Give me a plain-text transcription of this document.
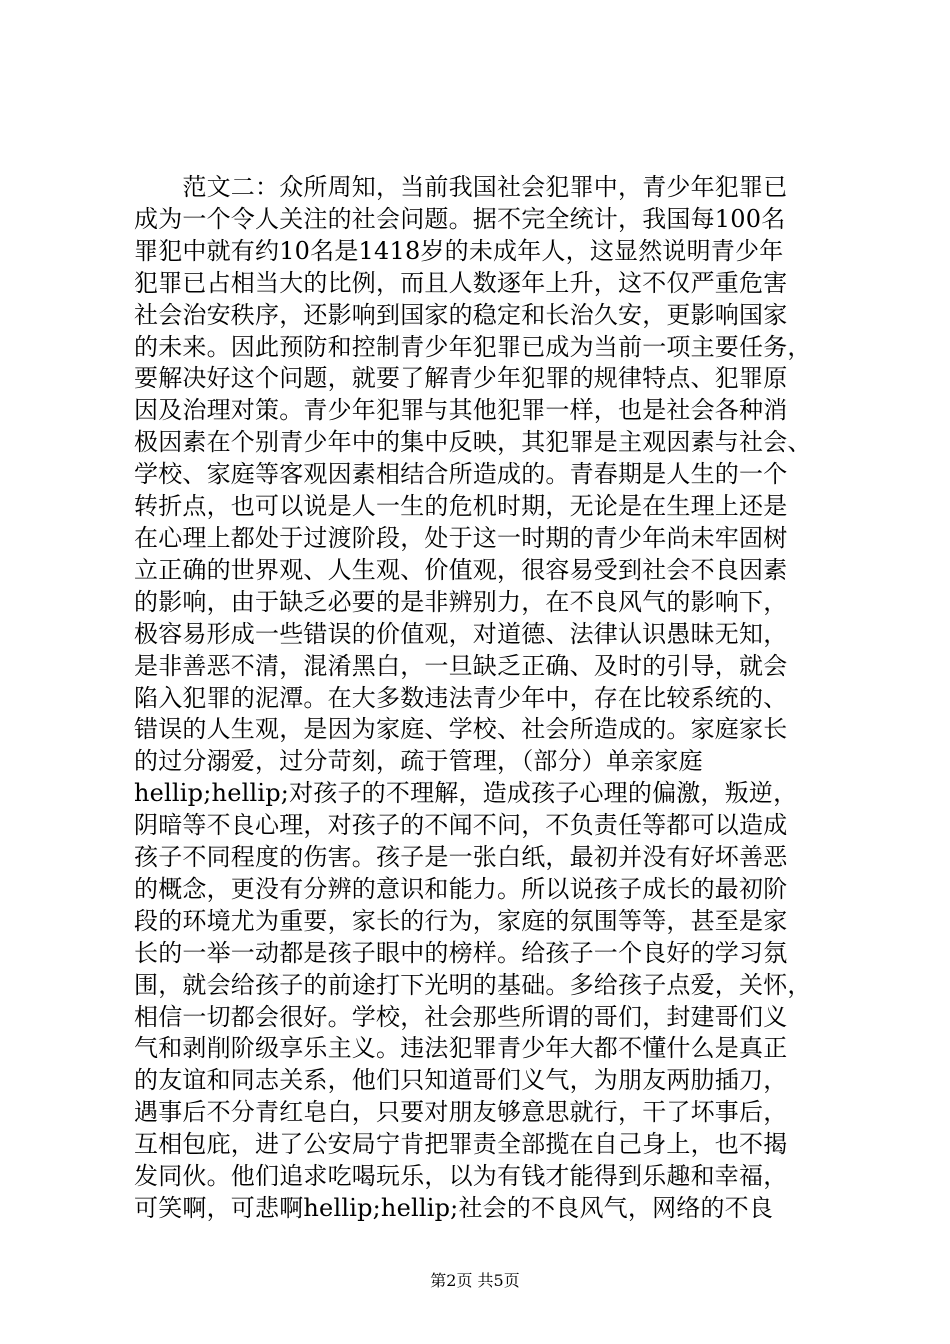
　　范文二：众所周知，当前我国社会犯罪中，青少年犯罪已
成为一个令人关注的社会问题。据不完全统计，我国每100名
罪犯中就有约10名是1418岁的未成年人，这显然说明青少年
犯罪已占相当大的比例，而且人数逐年上升，这不仅严重危害
社会治安秩序，还影响到国家的稳定和长治久安，更影响国家
的未来。因此预防和控制青少年犯罪已成为当前一项主要任务，
要解决好这个问题，就要了解青少年犯罪的规律特点、犯罪原
因及治理对策。青少年犯罪与其他犯罪一样，也是社会各种消
极因素在个别青少年中的集中反映，其犯罪是主观因素与社会、
学校、家庭等客观因素相结合所造成的。青春期是人生的一个
转折点，也可以说是人一生的危机时期，无论是在生理上还是
在心理上都处于过渡阶段，处于这一时期的青少年尚未牢固树
立正确的世界观、人生观、价值观，很容易受到社会不良因素
的影响，由于缺乏必要的是非辨别力，在不良风气的影响下，
极容易形成一些错误的价值观，对道德、法律认识愚昧无知，
是非善恶不清，混淆黑白，一旦缺乏正确、及时的引导，就会
陷入犯罪的泥潭。在大多数违法青少年中，存在比较系统的、
错误的人生观，是因为家庭、学校、社会所造成的。家庭家长
的过分溺爱，过分苛刻，疏于管理，（部分）单亲家庭
hellip;hellip;对孩子的不理解，造成孩子心理的偏激，叛逆，
阴暗等不良心理，对孩子的不闻不问，不负责任等都可以造成
孩子不同程度的伤害。孩子是一张白纸，最初并没有好坏善恶
的概念，更没有分辨的意识和能力。所以说孩子成长的最初阶
段的环境尤为重要，家长的行为，家庭的氛围等等，甚至是家
长的一举一动都是孩子眼中的榜样。给孩子一个良好的学习氛
围，就会给孩子的前途打下光明的基础。多给孩子点爱，关怀，
相信一切都会很好。学校，社会那些所谓的哥们，封建哥们义
气和剥削阶级享乐主义。违法犯罪青少年大都不懂什么是真正
的友谊和同志关系，他们只知道哥们义气，为朋友两肋插刀，
遇事后不分青红皂白，只要对朋友够意思就行，干了坏事后，
互相包庇，进了公安局宁肯把罪责全部揽在自己身上，也不揭
发同伙。他们追求吃喝玩乐，以为有钱才能得到乐趣和幸福，
可笑啊，可悲啊hellip;hellip;社会的不良风气，网络的不良
第2页 共5页
